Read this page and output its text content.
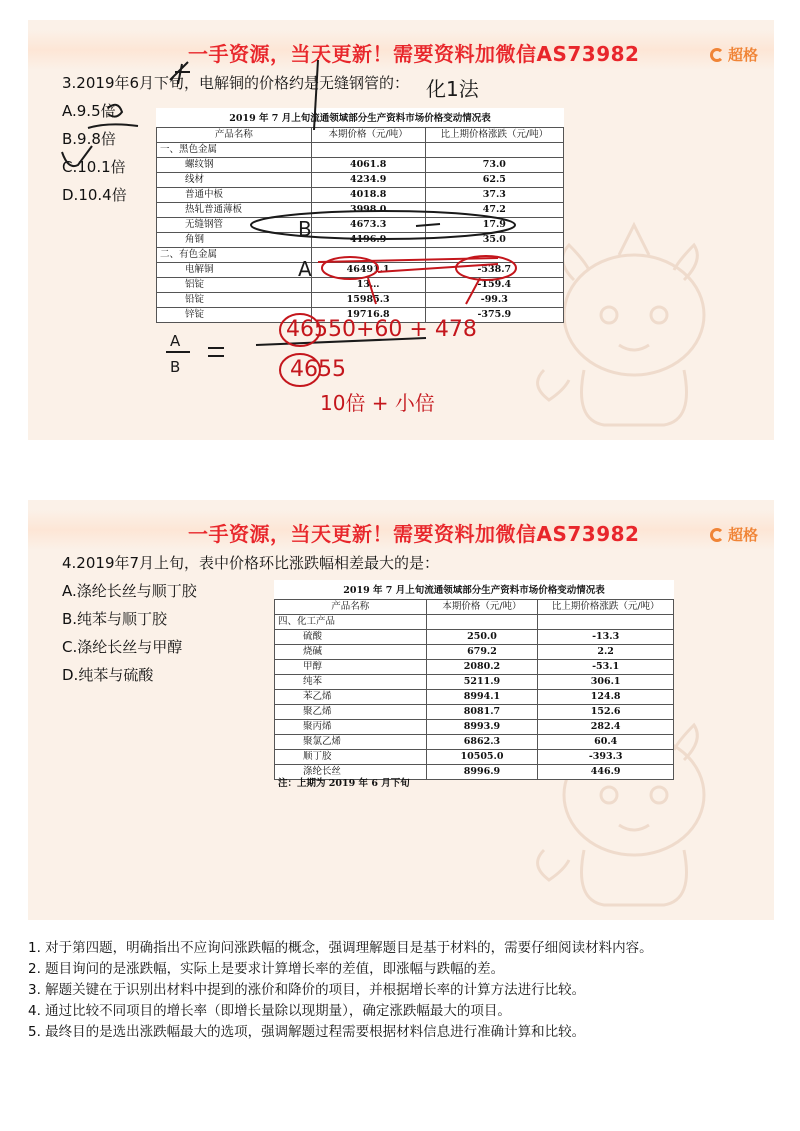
一手资源，当天更新！需要资料加微信AS73982	超格
3.2019年6月下旬，电解铜的价格约是无缝钢管的：
A.9.5倍
B.9.8倍
C.10.1倍
D.10.4倍
2019 年 7 月上旬流通领域部分生产资料市场价格变动情况表
产品名称	本期价格（元/吨）	比上期价格涨跌（元/吨）
一、黑色金属		
螺纹钢	4061.8	73.0
线材	4234.9	62.5
普通中板	4018.8	37.3
热轧普通薄板	3998.0	47.2
无缝钢管	4673.3	17.9
角钢	4196.9	35.0
二、有色金属		
电解铜	46491.1	-538.7
铝锭	13…	-159.4
铅锭	15985.3	-99.3
锌锭	19716.8	-375.9
化1法
B
A
A
B
46550+60 + 478
4655
10倍 + 小倍
一手资源，当天更新！需要资料加微信AS73982	超格
4.2019年7月上旬，表中价格环比涨跌幅相差最大的是：
A.涤纶长丝与顺丁胶
B.纯苯与顺丁胶
C.涤纶长丝与甲醇
D.纯苯与硫酸
2019 年 7 月上旬流通领域部分生产资料市场价格变动情况表
产品名称	本期价格（元/吨）	比上期价格涨跌（元/吨）
四、化工产品		
硫酸	250.0	-13.3
烧碱	679.2	2.2
甲醇	2080.2	-53.1
纯苯	5211.9	306.1
苯乙烯	8994.1	124.8
聚乙烯	8081.7	152.6
聚丙烯	8993.9	282.4
聚氯乙烯	6862.3	60.4
顺丁胶	10505.0	-393.3
涤纶长丝	8996.9	446.9
注：上期为 2019 年 6 月下旬

1. 对于第四题，明确指出不应询问涨跌幅的概念，强调理解题目是基于材料的，需要仔细阅读材料内容。

2. 题目询问的是涨跌幅，实际上是要求计算增长率的差值，即涨幅与跌幅的差。

3. 解题关键在于识别出材料中提到的涨价和降价的项目，并根据增长率的计算方法进行比较。

4. 通过比较不同项目的增长率（即增长量除以现期量），确定涨跌幅最大的项目。

5. 最终目的是选出涨跌幅最大的选项，强调解题过程需要根据材料信息进行准确计算和比较。
